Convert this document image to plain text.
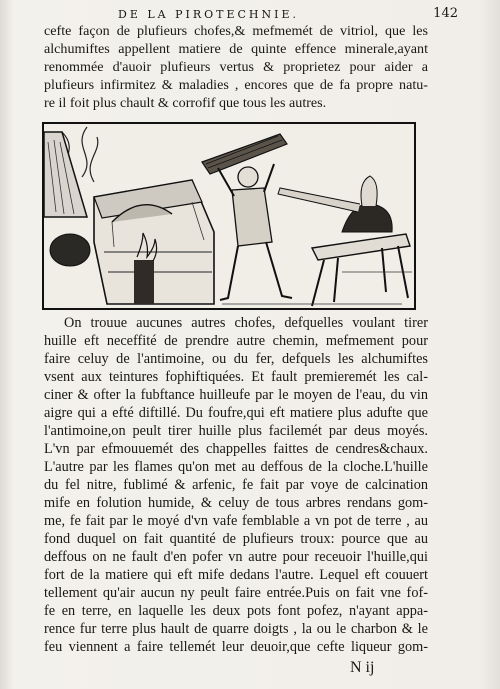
DE LA PIROTECHNIE.	142
cefte façon de plufieurs chofes,& mefmemét de vitriol, que les
alchumiftes appellent matiere de quinte effence minerale,ayant
renommée d'auoir plufieurs vertus & proprietez pour aider a
plufieurs infirmitez & maladies , encores que de fa propre natu-
re il foit plus chault & corrofif que tous les autres.
On trouue aucunes autres chofes, defquelles voulant tirer
huille eft neceffité de prendre autre chemin, mefmement pour
faire celuy de l'antimoine, ou du fer, defquels les alchumiftes
vsent aux teintures fophiftiquées. Et fault premieremét les cal-
ciner & ofter la fubftance huilleufe par le moyen de l'eau, du vin
aigre qui a efté diftillé. Du foufre,qui eft matiere plus adufte que
l'antimoine,on peult tirer huille plus facilemét par deus moyés.
L'vn par efmouuemét des chappelles faittes de cendres&chaux.
L'autre par les flames qu'on met au deffous de la cloche.L'huille
du fel nitre, fublimé & arfenic, fe fait par voye de calcination
mife en folution humide, & celuy de tous arbres rendans gom-
me, fe fait par le moyé d'vn vafe femblable a vn pot de terre , au
fond duquel on fait quantité de plufieurs troux: pource que au
deffous on ne fault d'en pofer vn autre pour receuoir l'huille,qui
fort de la matiere qui eft mife dedans l'autre. Lequel eft couuert
tellement qu'air aucun ny peult faire entrée.Puis on fait vne fof-
fe en terre, en laquelle les deux pots font pofez, n'ayant appa-
rence fur terre plus hault de quarre doigts , la ou le charbon & le
feu viennent a faire tellemét leur deuoir,que cefte liqueur gom-
N ij
